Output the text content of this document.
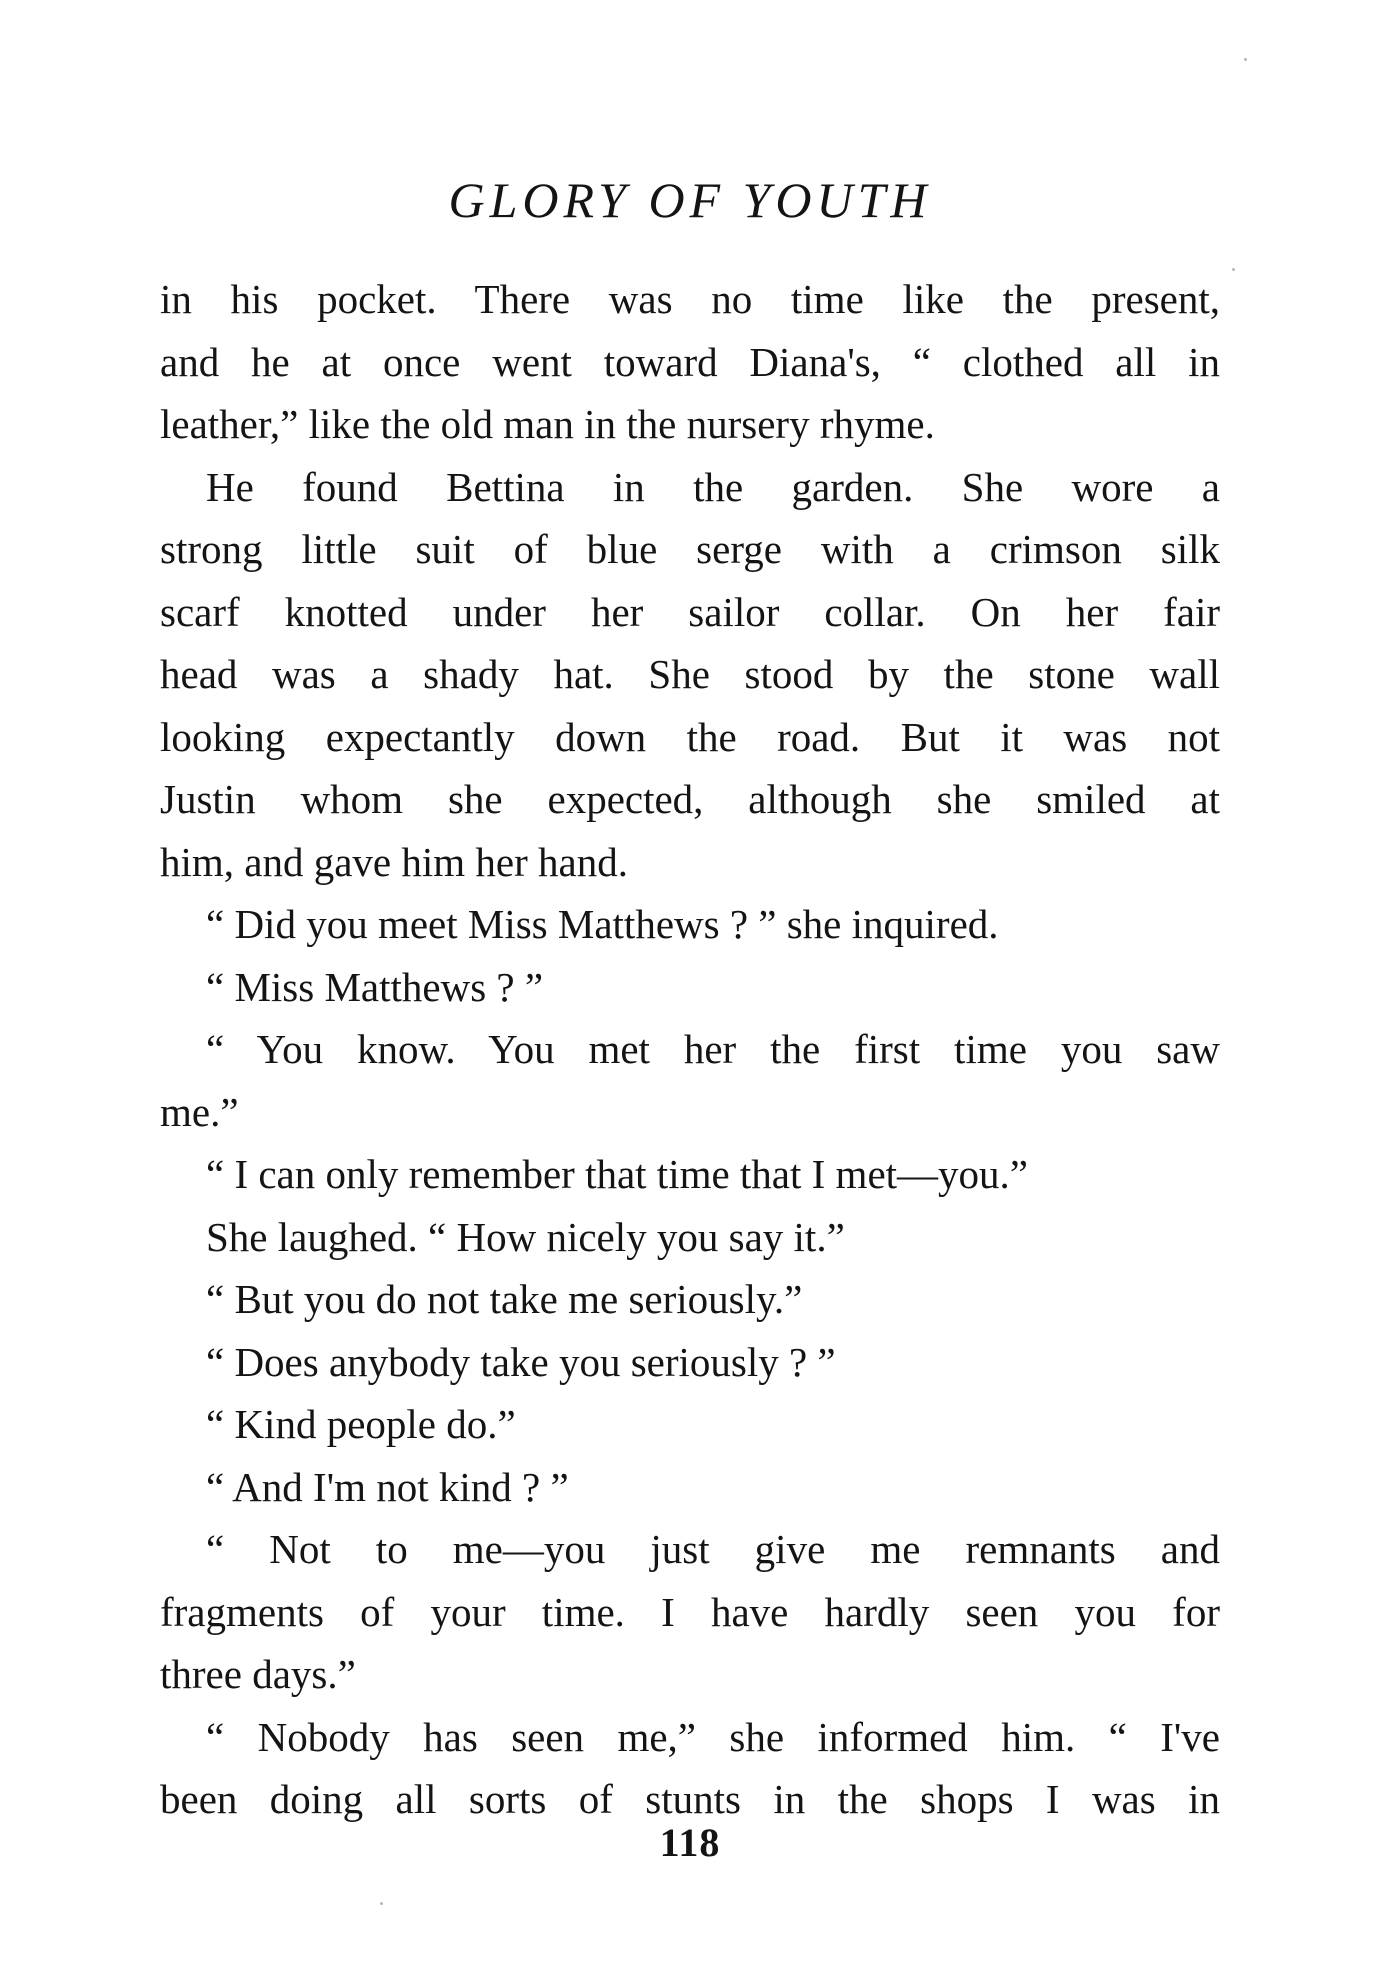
GLORY OF YOUTH
in his pocket. There was no time like the present,
and he at once went toward Diana's, “ clothed all in
leather,” like the old man in the nursery rhyme.
He found Bettina in the garden. She wore a
strong little suit of blue serge with a crimson silk
scarf knotted under her sailor collar. On her fair
head was a shady hat. She stood by the stone wall
looking expectantly down the road. But it was not
Justin whom she expected, although she smiled at
him, and gave him her hand.
“ Did you meet Miss Matthews ? ” she inquired.
“ Miss Matthews ? ”
“ You know. You met her the first time you saw
me.”
“ I can only remember that time that I met—you.”
She laughed. “ How nicely you say it.”
“ But you do not take me seriously.”
“ Does anybody take you seriously ? ”
“ Kind people do.”
“ And I'm not kind ? ”
“ Not to me—you just give me remnants and
fragments of your time. I have hardly seen you for
three days.”
“ Nobody has seen me,” she informed him. “ I've
been doing all sorts of stunts in the shops I was in
118
